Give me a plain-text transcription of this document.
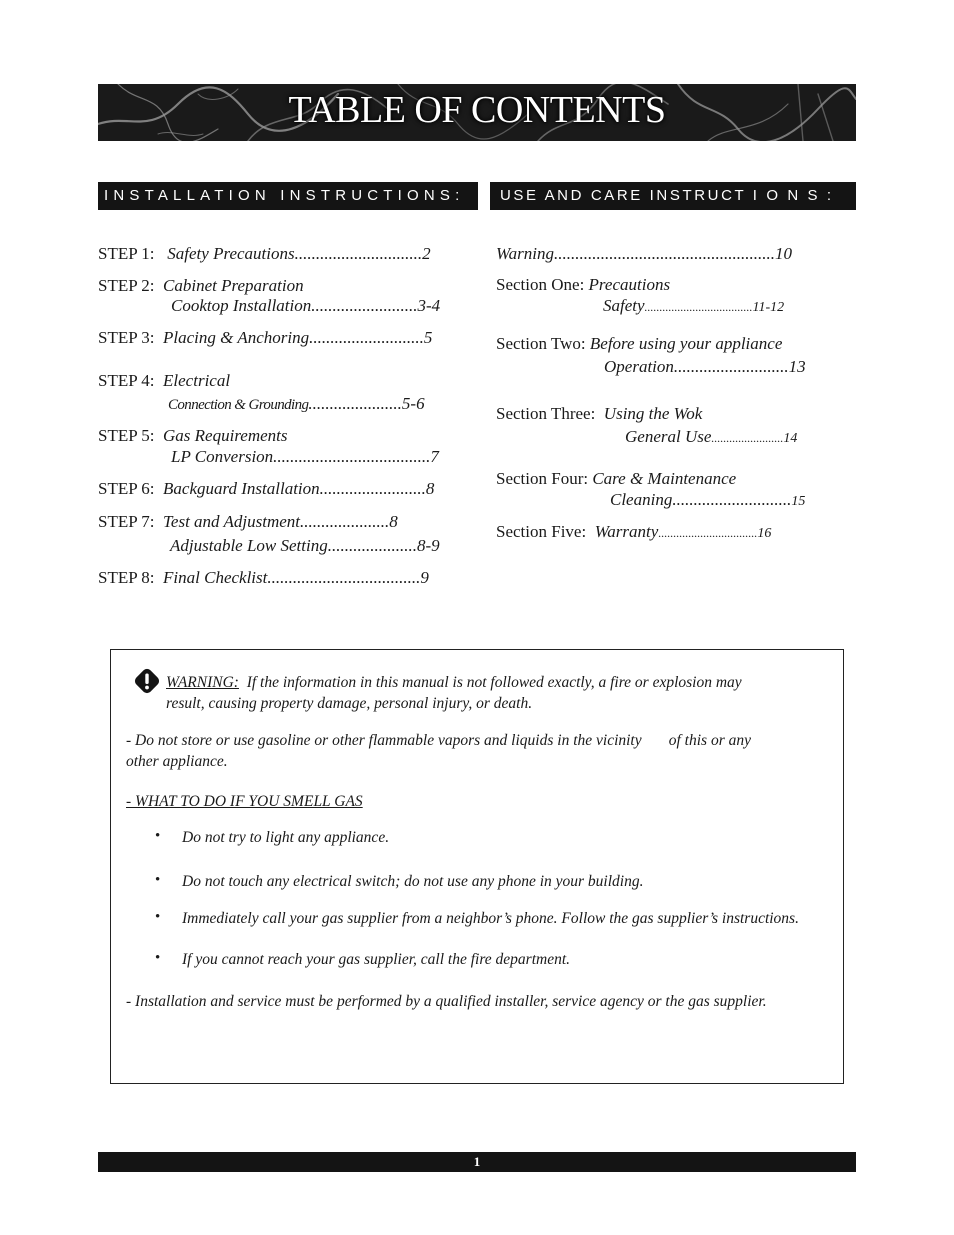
TABLE OF CONTENTS
INSTALLATION INSTRUCTIONS:	USE AND CARE INSTRUCT I O N S :
STEP 1: Safety Precautions..............................2
STEP 2: Cabinet Preparation
Cooktop Installation.........................3-4
STEP 3: Placing & Anchoring...........................5
STEP 4: Electrical
Connection & Grounding......................5-6
STEP 5: Gas Requirements
LP Conversion.....................................7
STEP 6: Backguard Installation.........................8
STEP 7: Test and Adjustment.....................8
Adjustable Low Setting.....................8-9
STEP 8: Final Checklist....................................9
Warning....................................................10
Section One: Precautions
Safety....................................11-12
Section Two: Before using your appliance
Operation...........................13
Section Three: Using the Wok
General Use........................14
Section Four: Care & Maintenance
Cleaning............................15
Section Five: Warranty.................................16
WARNING: If the information in this manual is not followed exactly, a fire or explosion may
result, causing property damage, personal injury, or death.
- Do not store or use gasoline or other flammable vapors and liquids in the vicinity of this or any
other appliance.
- WHAT TO DO IF YOU SMELL GAS
• Do not try to light any appliance.
• Do not touch any electrical switch; do not use any phone in your building.
• Immediately call your gas supplier from a neighbor’s phone. Follow the gas supplier’s instructions.
• If you cannot reach your gas supplier, call the fire department.
- Installation and service must be performed by a qualified installer, service agency or the gas supplier.
1
